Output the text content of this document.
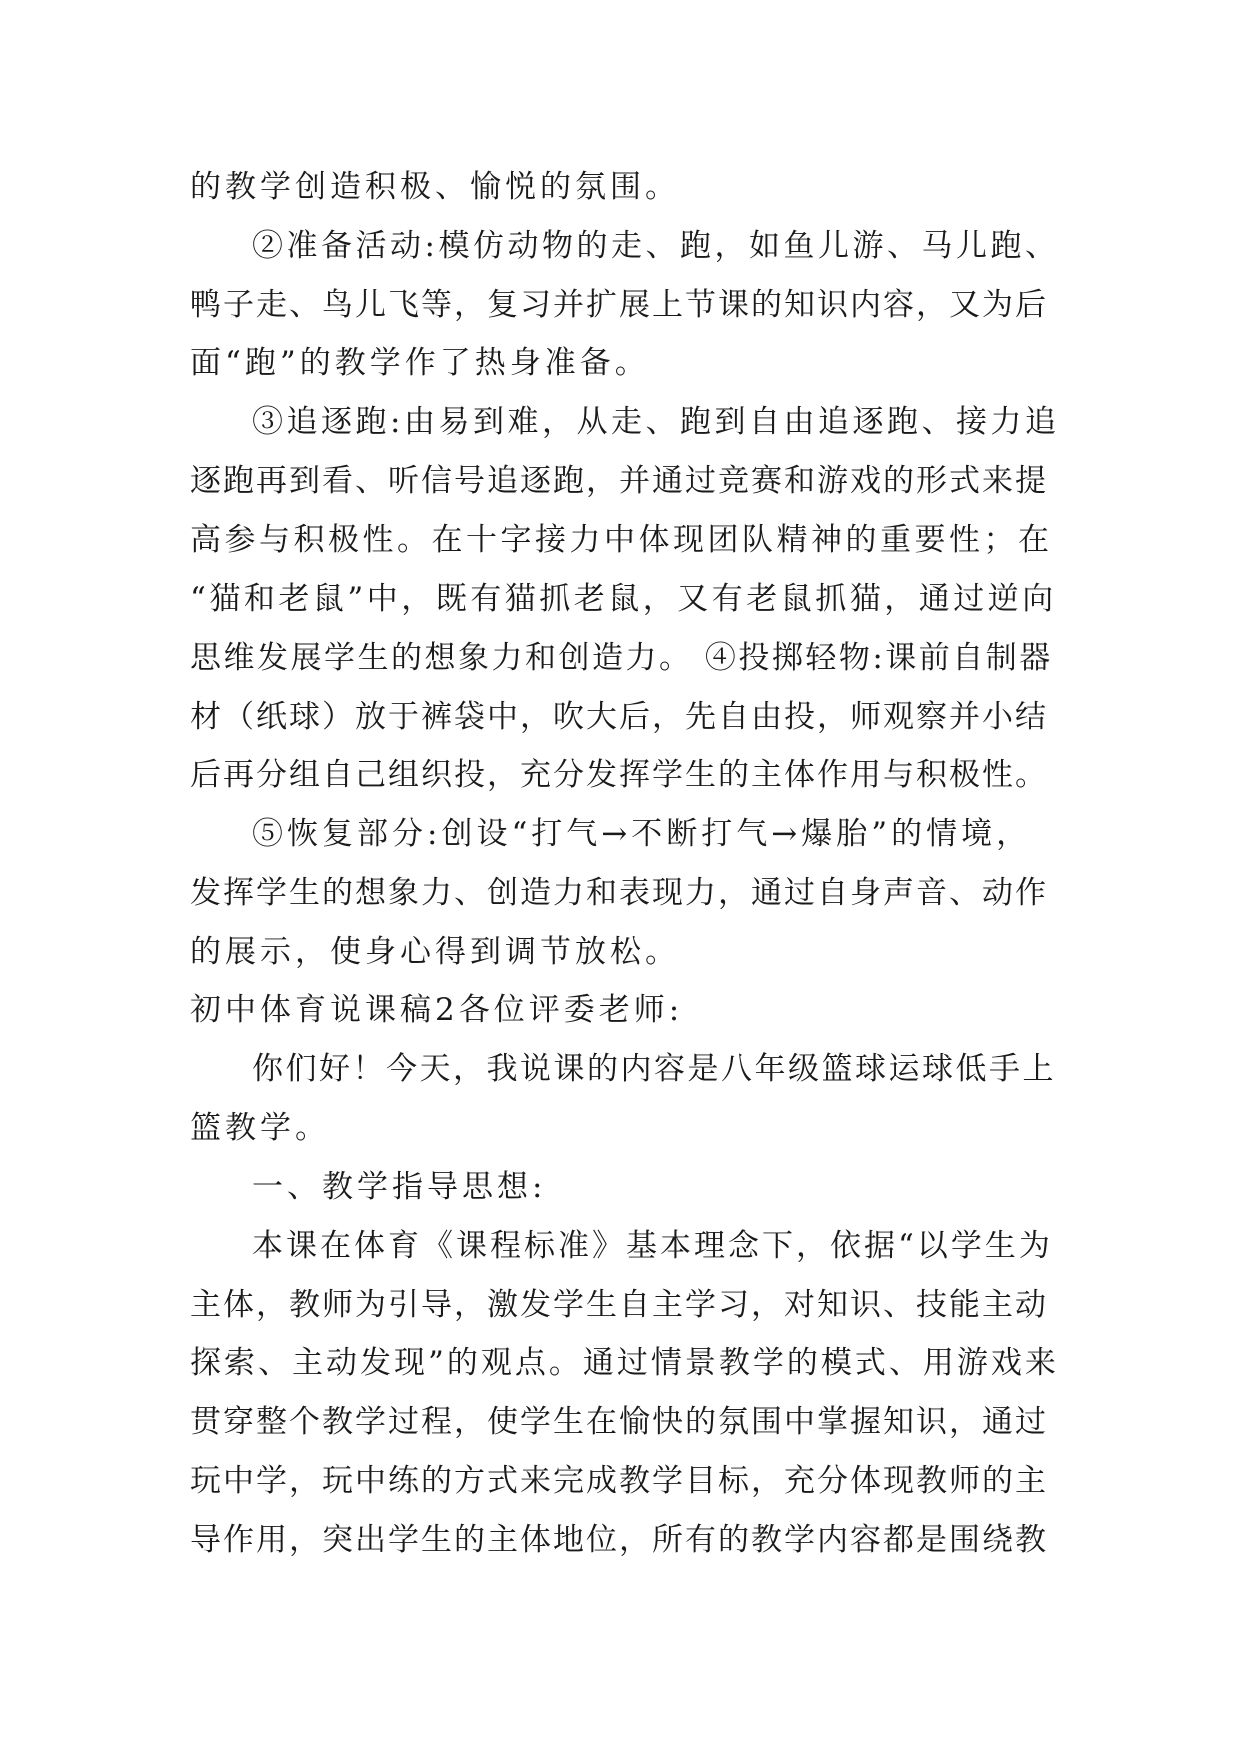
的教学创造积极、愉悦的氛围。
②准备活动:模仿动物的走、跑，如鱼儿游、马儿跑、
鸭子走、鸟儿飞等，复习并扩展上节课的知识内容，又为后
面“跑”的教学作了热身准备。
③追逐跑:由易到难，从走、跑到自由追逐跑、接力追
逐跑再到看、听信号追逐跑，并通过竞赛和游戏的形式来提
高参与积极性。在十字接力中体现团队精神的重要性；在
“猫和老鼠”中，既有猫抓老鼠，又有老鼠抓猫，通过逆向
思维发展学生的想象力和创造力。 ④投掷轻物:课前自制器
材（纸球）放于裤袋中，吹大后，先自由投，师观察并小结
后再分组自己组织投，充分发挥学生的主体作用与积极性。
⑤恢复部分:创设“打气→不断打气→爆胎”的情境，
发挥学生的想象力、创造力和表现力，通过自身声音、动作
的展示，使身心得到调节放松。
初中体育说课稿2各位评委老师:
你们好！今天，我说课的内容是八年级篮球运球低手上
篮教学。
一、教学指导思想:
本课在体育《课程标准》基本理念下，依据“以学生为
主体，教师为引导，激发学生自主学习，对知识、技能主动
探索、主动发现”的观点。通过情景教学的模式、用游戏来
贯穿整个教学过程，使学生在愉快的氛围中掌握知识，通过
玩中学，玩中练的方式来完成教学目标，充分体现教师的主
导作用，突出学生的主体地位，所有的教学内容都是围绕教
